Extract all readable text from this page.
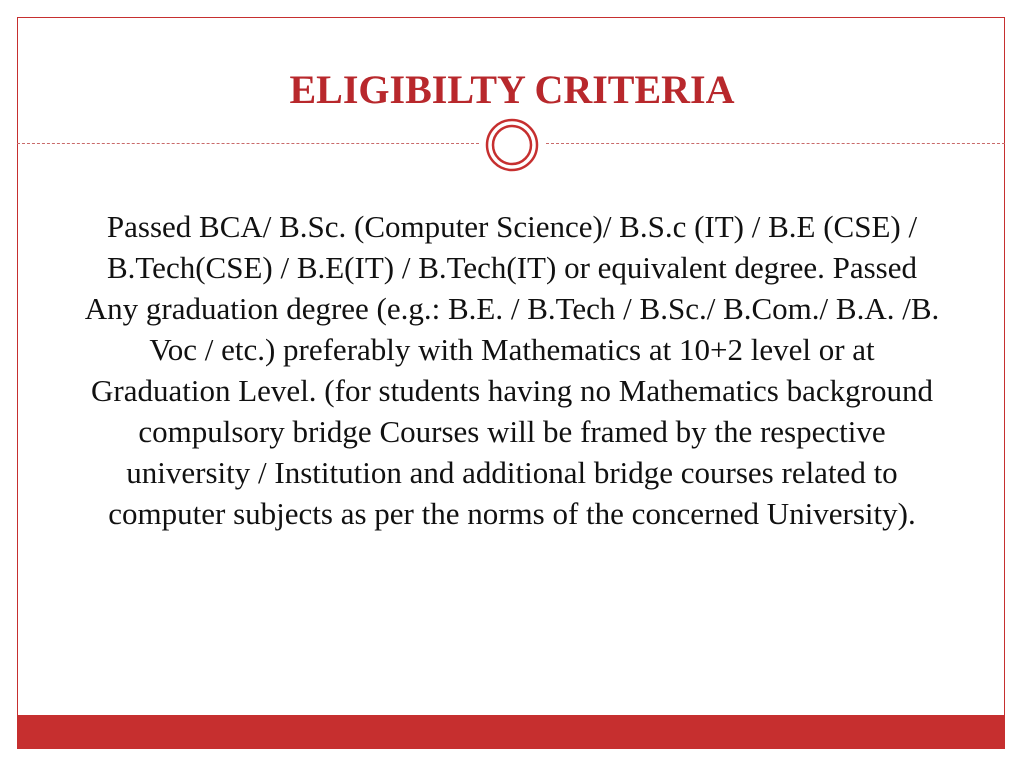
ELIGIBILTY CRITERIA

Passed BCA/ B.Sc. (Computer Science)/ B.S.c (IT) / B.E (CSE) / B.Tech(CSE) / B.E(IT) / B.Tech(IT) or equivalent degree. Passed Any graduation degree (e.g.: B.E. / B.Tech / B.Sc./ B.Com./ B.A. /B. Voc / etc.) preferably with Mathematics at 10+2 level or at Graduation Level. (for students having no Mathematics background compulsory bridge Courses will be framed by the respective university / Institution and additional bridge courses related to computer subjects as per the norms of the concerned University).
